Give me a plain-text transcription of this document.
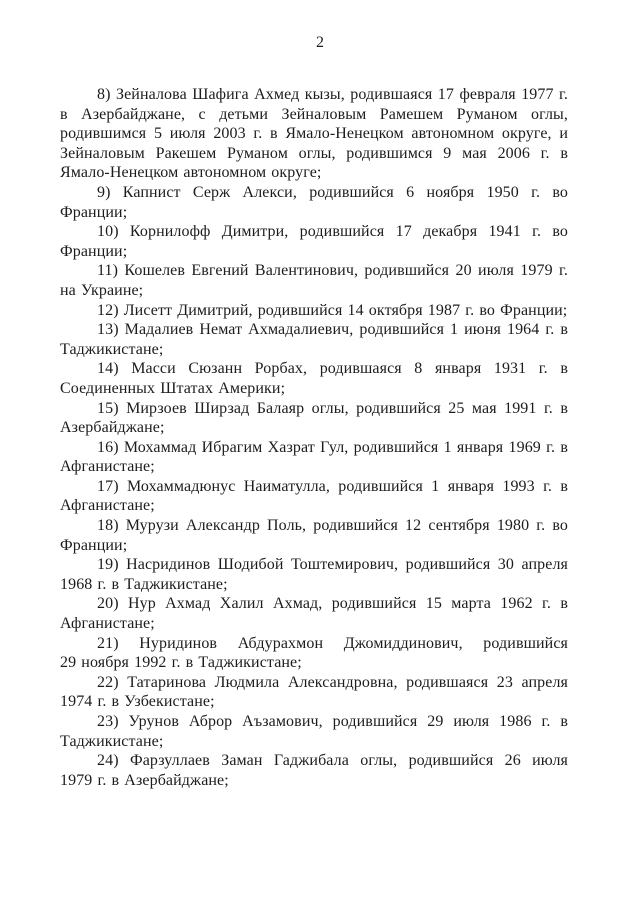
2

8) Зейналова Шафига Ахмед кызы, родившаяся 17 февраля 1977 г. в Азербайджане, с детьми Зейналовым Рамешем Руманом оглы, родившимся 5 июля 2003 г. в Ямало-Ненецком автономном округе, и Зейналовым Ракешем Руманом оглы, родившимся 9 мая 2006 г. в Ямало-Ненецком автономном округе;

9) Капнист Серж Алекси, родившийся 6 ноября 1950 г. во Франции;

10) Корнилофф Димитри, родившийся 17 декабря 1941 г. во Франции;

11) Кошелев Евгений Валентинович, родившийся 20 июля 1979 г. на Украине;

12) Лисетт Димитрий, родившийся 14 октября 1987 г. во Франции;

13) Мадалиев Немат Ахмадалиевич, родившийся 1 июня 1964 г. в Таджикистане;

14) Масси Сюзанн Рорбах, родившаяся 8 января 1931 г. в Соединенных Штатах Америки;

15) Мирзоев Ширзад Балаяр оглы, родившийся 25 мая 1991 г. в Азербайджане;

16) Мохаммад Ибрагим Хазрат Гул, родившийся 1 января 1969 г. в Афганистане;

17) Мохаммадюнус Наиматулла, родившийся 1 января 1993 г. в Афганистане;

18) Мурузи Александр Поль, родившийся 12 сентября 1980 г. во Франции;

19) Насридинов Шодибой Тоштемирович, родившийся 30 апреля 1968 г. в Таджикистане;

20) Нур Ахмад Халил Ахмад, родившийся 15 марта 1962 г. в Афганистане;

21) Нуридинов Абдурахмон Джомиддинович, родившийся 29 ноября 1992 г. в Таджикистане;

22) Татаринова Людмила Александровна, родившаяся 23 апреля 1974 г. в Узбекистане;

23) Урунов Аброр Аъзамович, родившийся 29 июля 1986 г. в Таджикистане;

24) Фарзуллаев Заман Гаджибала оглы, родившийся 26 июля 1979 г. в Азербайджане;
